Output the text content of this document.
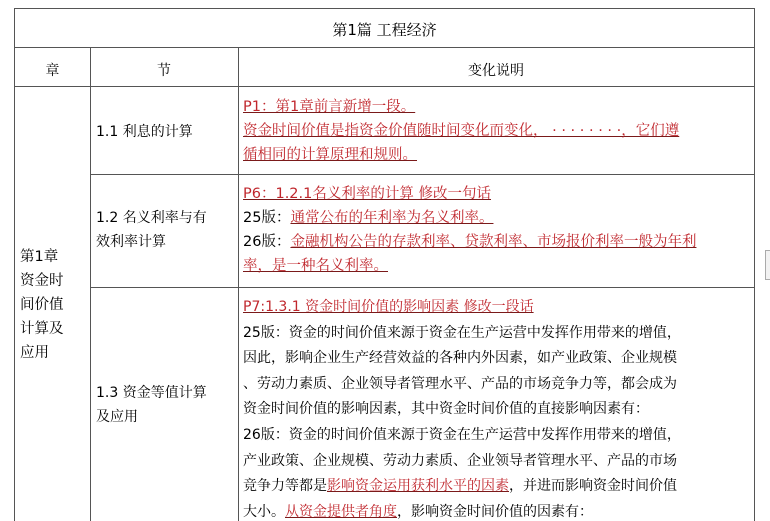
第1篇 工程经济
章	节	变化说明
第1章
资金时
间价值
计算及
应用
1.1 利息的计算
P1：第1章前言新增一段。
资金时间价值是指资金价值随时间变化而变化， · · · · · · · ·，它们遵
循相同的计算原理和规则。
1.2 名义利率与有
效利率计算
P6：1.2.1名义利率的计算 修改一句话
25版：通常公布的年利率为名义利率。
26版：金融机构公告的存款利率、贷款利率、市场报价利率一般为年利
率，是一种名义利率。
1.3 资金等值计算
及应用
P7:1.3.1 资金时间价值的影响因素 修改一段话
25版：资金的时间价值来源于资金在生产运营中发挥作用带来的增值，
因此，影响企业生产经营效益的各种内外因素，如产业政策、企业规模
、劳动力素质、企业领导者管理水平、产品的市场竞争力等，都会成为
资金时间价值的影响因素，其中资金时间价值的直接影响因素有：
26版：资金的时间价值来源于资金在生产运营中发挥作用带来的增值，
产业政策、企业规模、劳动力素质、企业领导者管理水平、产品的市场
竞争力等都是影响资金运用获利水平的因素，并进而影响资金时间价值
大小。从资金提供者角度，影响资金时间价值的因素有：
